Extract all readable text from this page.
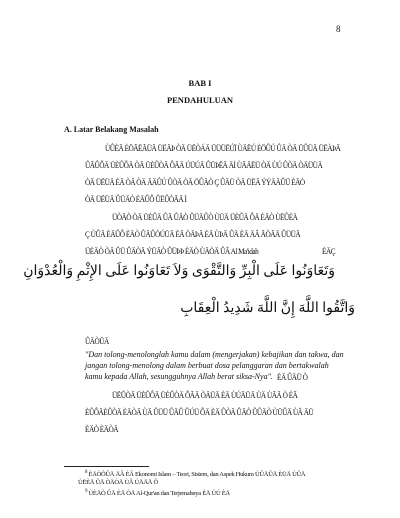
8
BAB I
PENDAHULUAN
A. Latar Belakang Masalah
ÙÛÈÄ ÈÖÃËÃÜÄ ÜËÄÞ ÒÄ ÜËÒÁÄ ÜÜÜËÚÏ ÙÄËÚ ÈÖÛÚ ÛÄ ÒÄ ÜÛÜÄ ÜËÀÞÄ
ÛÃÛÔÄ ÜÈÛÔÄ ÒÄ ÜÈÛÒÄ ÔÃÄ ÚÜÚÄ ÛÜÞËÄ ÄÌ ÙÃÄËÜ ÒÄ ÙÚ ÛÒÄ ÒÄÜÜÄ
ÒÄ ÜËÜÄ ÈÄ ÒÄ ÒÄ ÄÄÛÚ ÛÒÄ ÒÄ ÖÛÄÒ Ç ÛÄÜ ÒÄ ÜËÄ ÝÝÄÄÛÜ ÈÄÒ
ÒÄ ÜËÜÄ ÛÜÄÒ ÈÄÛÔ ÛËÛÒÃÄ Ì
ÜÒÄÒ ÒÄ ÜÈÛÄ ÛÄ ÛÄÒ ÛÜÄÛÒ ÙÜÄ ÜÈÛÄ ÔÄ ÈÄÒ ÙËÛÈÄ
Ç ÙÛÄ ÈÄÛÔ ÈÄÒ ÛÄÛÒÚÜÄ ÈÄ ÒÄÞÄ ÈÄ ÙÞÄ ÛÄ ÈÄ ÄÂ ÃÒÃÄ ÛÜÜÄ
ÜÈÄÒ ÒÄ ÛÜ ÛÄÒÄ ÝÜÄÒ ÛÜÞÞ ÈÄÒ ÙÄÒÄ ÛÂ Al Ma'idah	ÈÄÇ
ﻭَﺗَﻌَﺎﻭَﻧُﻮﺍ ﻋَﻠَﻰ ﺍﻟْﺒِﺮِّ ﻭَﺍﻟﺘَّﻘْﻮَﻯ ﻭَﻻَ ﺗَﻌَﺎﻭَﻧُﻮﺍ ﻋَﻠَﻰ ﺍﻹِﺛْﻢِ ﻭَﺍﻟْﻌُﺪْﻭَﺍﻥِ
ﻭَﺍﺗَّﻘُﻮﺍ ﺍﻟﻠَّﻪَ ﺇِﻥَّ ﺍﻟﻠَّﻪَ ﺷَﺪِﻳﺪُ ﺍﻟْﻌِﻘَﺎﺏِ
ÛÄÒÜÄ
"Dan tolong-menolonglah kamu dalam (mengerjakan) kebajikan dan takwa, dan
jangan tolong-menolong dalam berbuat dosa pelanggaran dan bertakwalah
kamu kepada Allah, sesungguhnya Allah berat siksa-Nya". ÈÄ ÛÄÜ Ò
ÜËÛÒÄ ÜÈÛÔÄ ÜÈÛÒÄ ÔÃÄ ÒÄÜÄ ÈÄ ÙÚÄÜÄ ÙÄ ÙÃÄ Ò ÈÃ
ÈÛÔÄÈÛÒÄ ÈÄÒÄ ÙÄ ÛÜÜ ÛÄÛ ÛÚÜ ÔÄ ÈÄ ÛÒÄ ÛÄÒ ÛÛÄÒ ÙÜÛÄ ÙÂ ÄÜ
ÈÄÒ ÈÄÒÄ
$^8$ ÈÄÒÔÛÄ ÄÂ ÈÂ Ekonomi Islam – Teori, Sistem, dan Aspek Hukum ÙÛÄÛÄ ÈÜÄ ÙÛÄ
ÙËÈÄ ÛÄ ÒÄÒÄ ÙÂ ÚÄÄÄ Ô
$^9$ ÙÈÄÒ ÛÄ ÈÄ ÒÄ Al-Qur'an dan Terjemahnya ÈÄ ÙÚ ÈÄ
